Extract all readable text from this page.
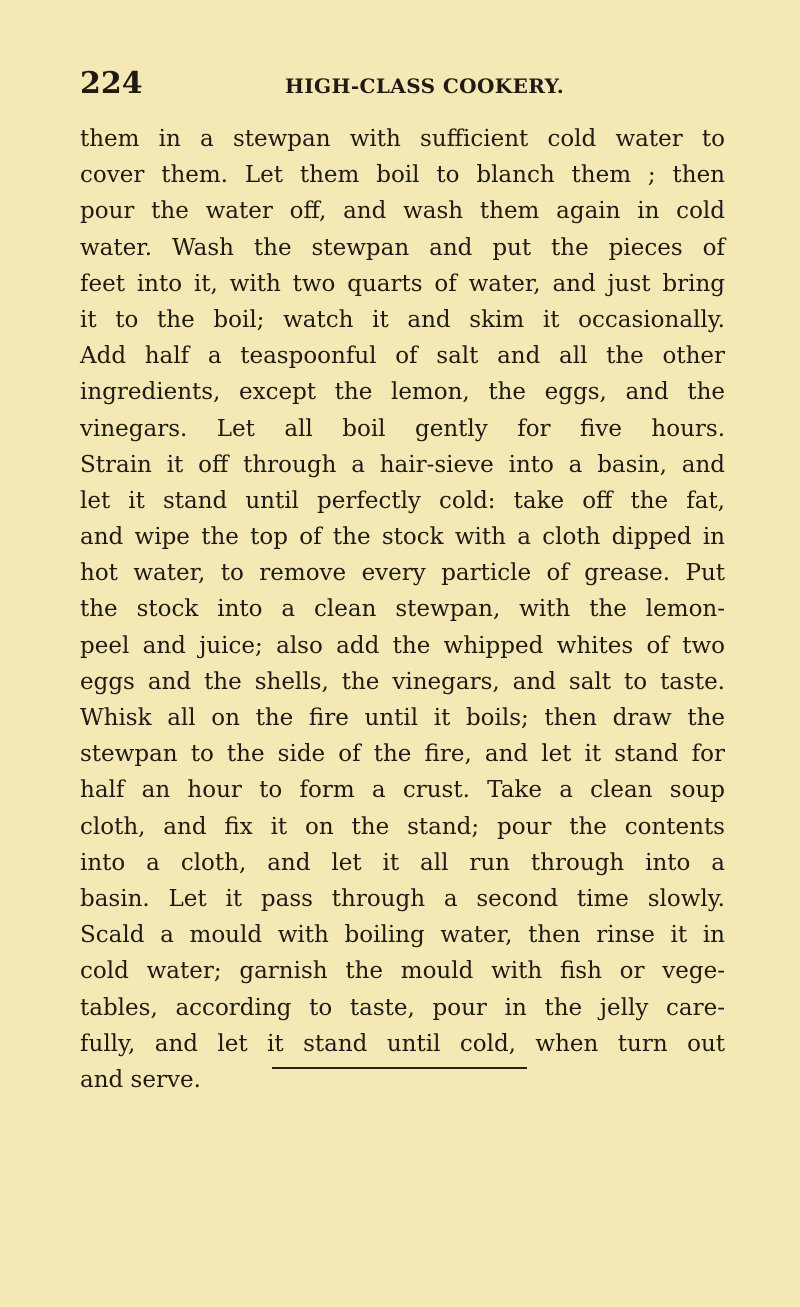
224	HIGH-CLASS COOKERY.
them in a stewpan with sufficient cold water to
cover them. Let them boil to blanch them ; then
pour the water off, and wash them again in cold
water. Wash the stewpan and put the pieces of
feet into it, with two quarts of water, and just bring
it to the boil; watch it and skim it occasionally.
Add half a teaspoonful of salt and all the other
ingredients, except the lemon, the eggs, and the
vinegars. Let all boil gently for five hours.
Strain it off through a hair-sieve into a basin, and
let it stand until perfectly cold: take off the fat,
and wipe the top of the stock with a cloth dipped in
hot water, to remove every particle of grease. Put
the stock into a clean stewpan, with the lemon-
peel and juice; also add the whipped whites of two
eggs and the shells, the vinegars, and salt to taste.
Whisk all on the fire until it boils; then draw the
stewpan to the side of the fire, and let it stand for
half an hour to form a crust. Take a clean soup
cloth, and fix it on the stand; pour the contents
into a cloth, and let it all run through into a
basin. Let it pass through a second time slowly.
Scald a mould with boiling water, then rinse it in
cold water; garnish the mould with fish or vege-
tables, according to taste, pour in the jelly care-
fully, and let it stand until cold, when turn out
and serve.
